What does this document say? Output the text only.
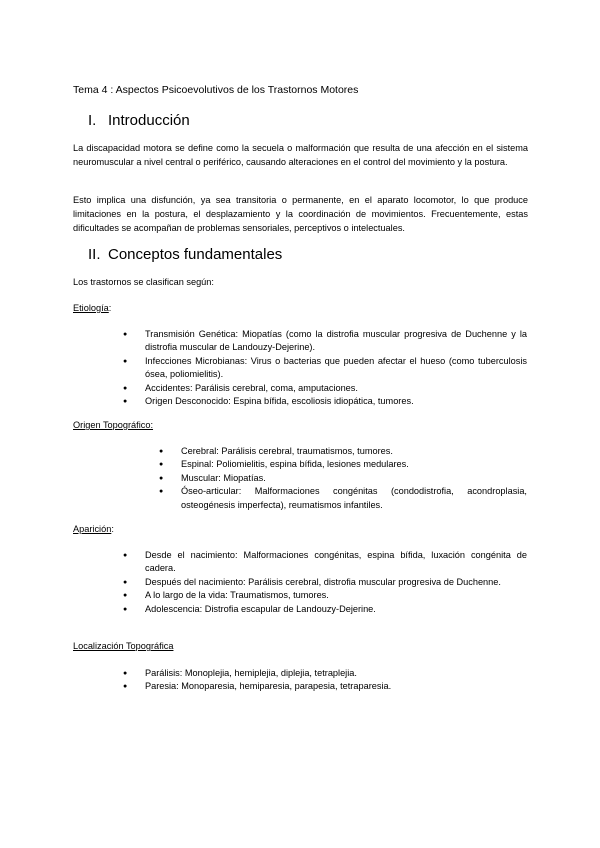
Tema 4 : Aspectos Psicoevolutivos de los Trastornos Motores
I. Introducción

La discapacidad motora se define como la secuela o malformación que resulta de una afección en el sistema neuromuscular a nivel central o periférico, causando alteraciones en el control del movimiento y la postura.

Esto implica una disfunción, ya sea transitoria o permanente, en el aparato locomotor, lo que produce limitaciones en la postura, el desplazamiento y la coordinación de movimientos. Frecuentemente, estas dificultades se acompañan de problemas sensoriales, perceptivos o intelectuales.

II. Conceptos fundamentales
Los trastornos se clasifican según:
Etiología:
● Transmisión Genética: Miopatías (como la distrofia muscular progresiva de Duchenne y la distrofia muscular de Landouzy-Dejerine).
● Infecciones Microbianas: Virus o bacterias que pueden afectar el hueso (como tuberculosis ósea, poliomielitis).
● Accidentes: Parálisis cerebral, coma, amputaciones.
● Origen Desconocido: Espina bífida, escoliosis idiopática, tumores.
Origen Topográfico:
● Cerebral: Parálisis cerebral, traumatismos, tumores.
● Espinal: Poliomielitis, espina bífida, lesiones medulares.
● Muscular: Miopatías.
● Óseo-articular: Malformaciones congénitas (condodistrofia, acondroplasia, osteogénesis imperfecta), reumatismos infantiles.
Aparición:
● Desde el nacimiento: Malformaciones congénitas, espina bífida, luxación congénita de cadera.
● Después del nacimiento: Parálisis cerebral, distrofia muscular progresiva de Duchenne.
● A lo largo de la vida: Traumatismos, tumores.
● Adolescencia: Distrofia escapular de Landouzy-Dejerine.
Localización Topográfica
● Parálisis: Monoplejia, hemiplejia, diplejia, tetraplejia.
● Paresia: Monoparesia, hemiparesia, parapesia, tetraparesia.
